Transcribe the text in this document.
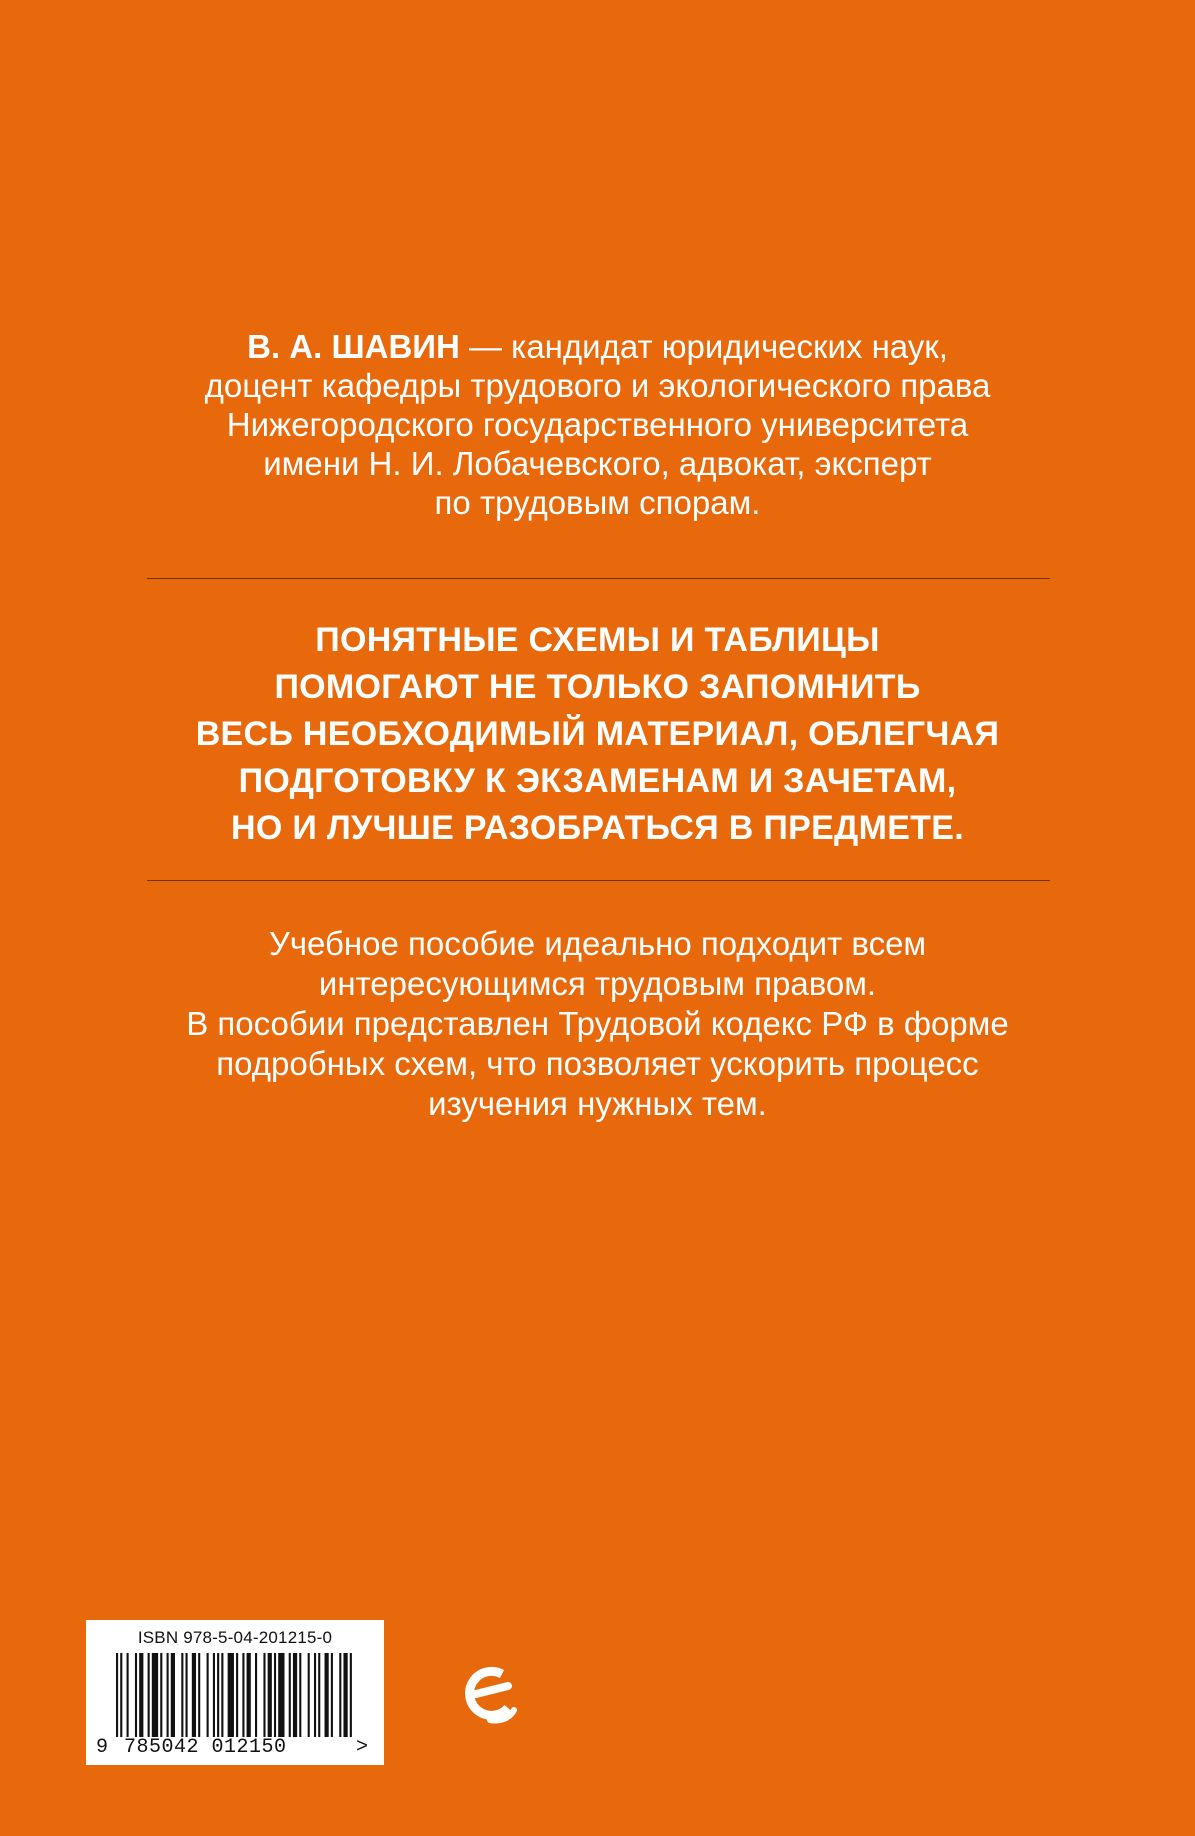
В. А. ШАВИН — кандидат юридических наук,
доцент кафедры трудового и экологического права
Нижегородского государственного университета
имени Н. И. Лобачевского, адвокат, эксперт
по трудовым спорам.
ПОНЯТНЫЕ СХЕМЫ И ТАБЛИЦЫ
ПОМОГАЮТ НЕ ТОЛЬКО ЗАПОМНИТЬ
ВЕСЬ НЕОБХОДИМЫЙ МАТЕРИАЛ, ОБЛЕГЧАЯ
ПОДГОТОВКУ К ЭКЗАМЕНАМ И ЗАЧЕТАМ,
НО И ЛУЧШЕ РАЗОБРАТЬСЯ В ПРЕДМЕТЕ.
Учебное пособие идеально подходит всем
интересующимся трудовым правом.
В пособии представлен Трудовой кодекс РФ в форме
подробных схем, что позволяет ускорить процесс
изучения нужных тем.
ISBN 978-5-04-201215-0
9 785042 012150	>
